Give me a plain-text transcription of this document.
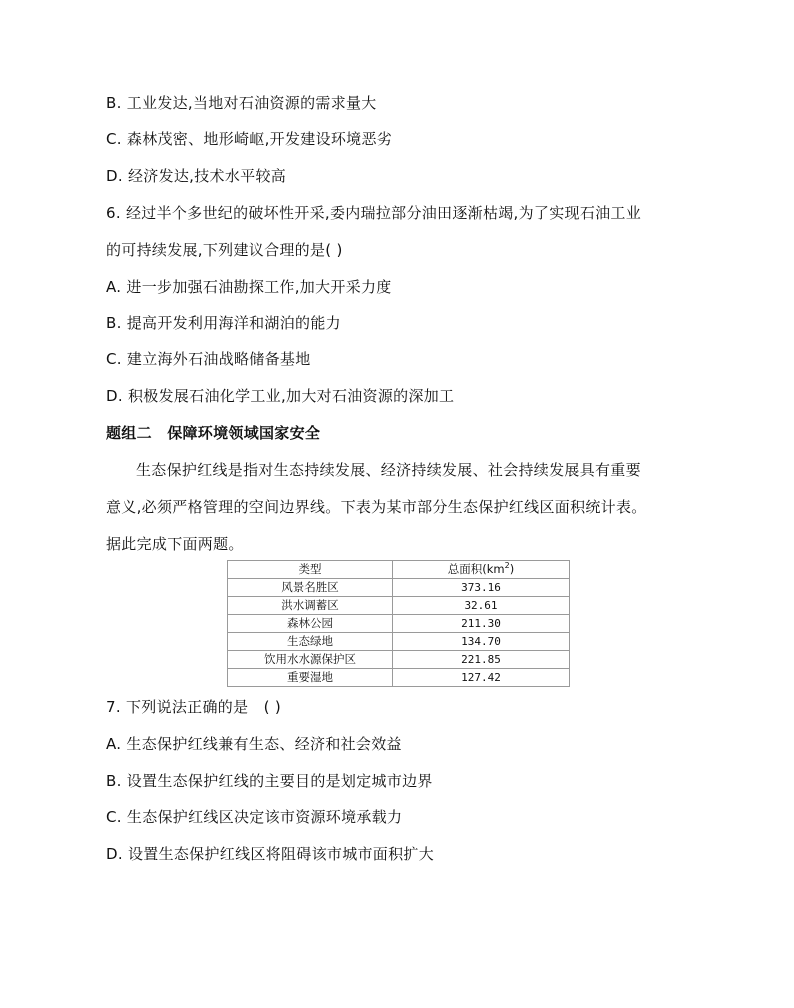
B. 工业发达,当地对石油资源的需求量大
C. 森林茂密、地形崎岖,开发建设环境恶劣
D. 经济发达,技术水平较高
6. 经过半个多世纪的破坏性开采,委内瑞拉部分油田逐渐枯竭,为了实现石油工业
的可持续发展,下列建议合理的是( )
A. 进一步加强石油勘探工作,加大开采力度
B. 提高开发利用海洋和湖泊的能力
C. 建立海外石油战略储备基地
D. 积极发展石油化学工业,加大对石油资源的深加工
题组二　保障环境领域国家安全
生态保护红线是指对生态持续发展、经济持续发展、社会持续发展具有重要
意义,必须严格管理的空间边界线。下表为某市部分生态保护红线区面积统计表。
据此完成下面两题。
类型	总面积$(km^2)$
风景名胜区	373.16
洪水调蓄区	32.61
森林公园	211.30
生态绿地	134.70
饮用水水源保护区	221.85
重要湿地	127.42
7. 下列说法正确的是　( )
A. 生态保护红线兼有生态、经济和社会效益
B. 设置生态保护红线的主要目的是划定城市边界
C. 生态保护红线区决定该市资源环境承载力
D. 设置生态保护红线区将阻碍该市城市面积扩大
